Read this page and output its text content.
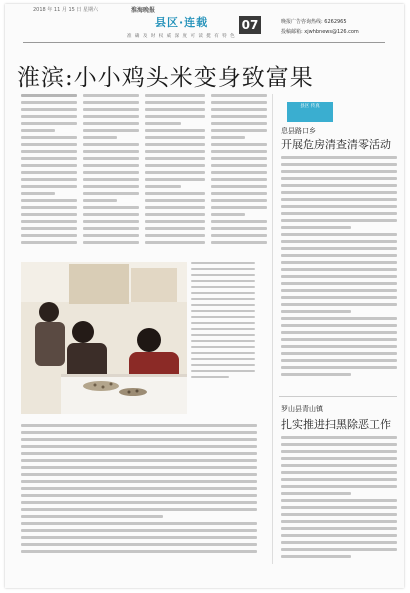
2018 年 11 月 15 日 星期六	淮海晚报
县区·连载
准 确 及 时 权 威 深 度 可 读 挺 有 特 色
07	晚报广告咨询热线: 6262965
投稿邮箱: xjwhbnews@126.com
淮滨:小小鸡头米变身致富果
县区 传真
息县路口乡
开展危房清查清零活动
罗山县青山镇
扎实推进扫黑除恶工作
